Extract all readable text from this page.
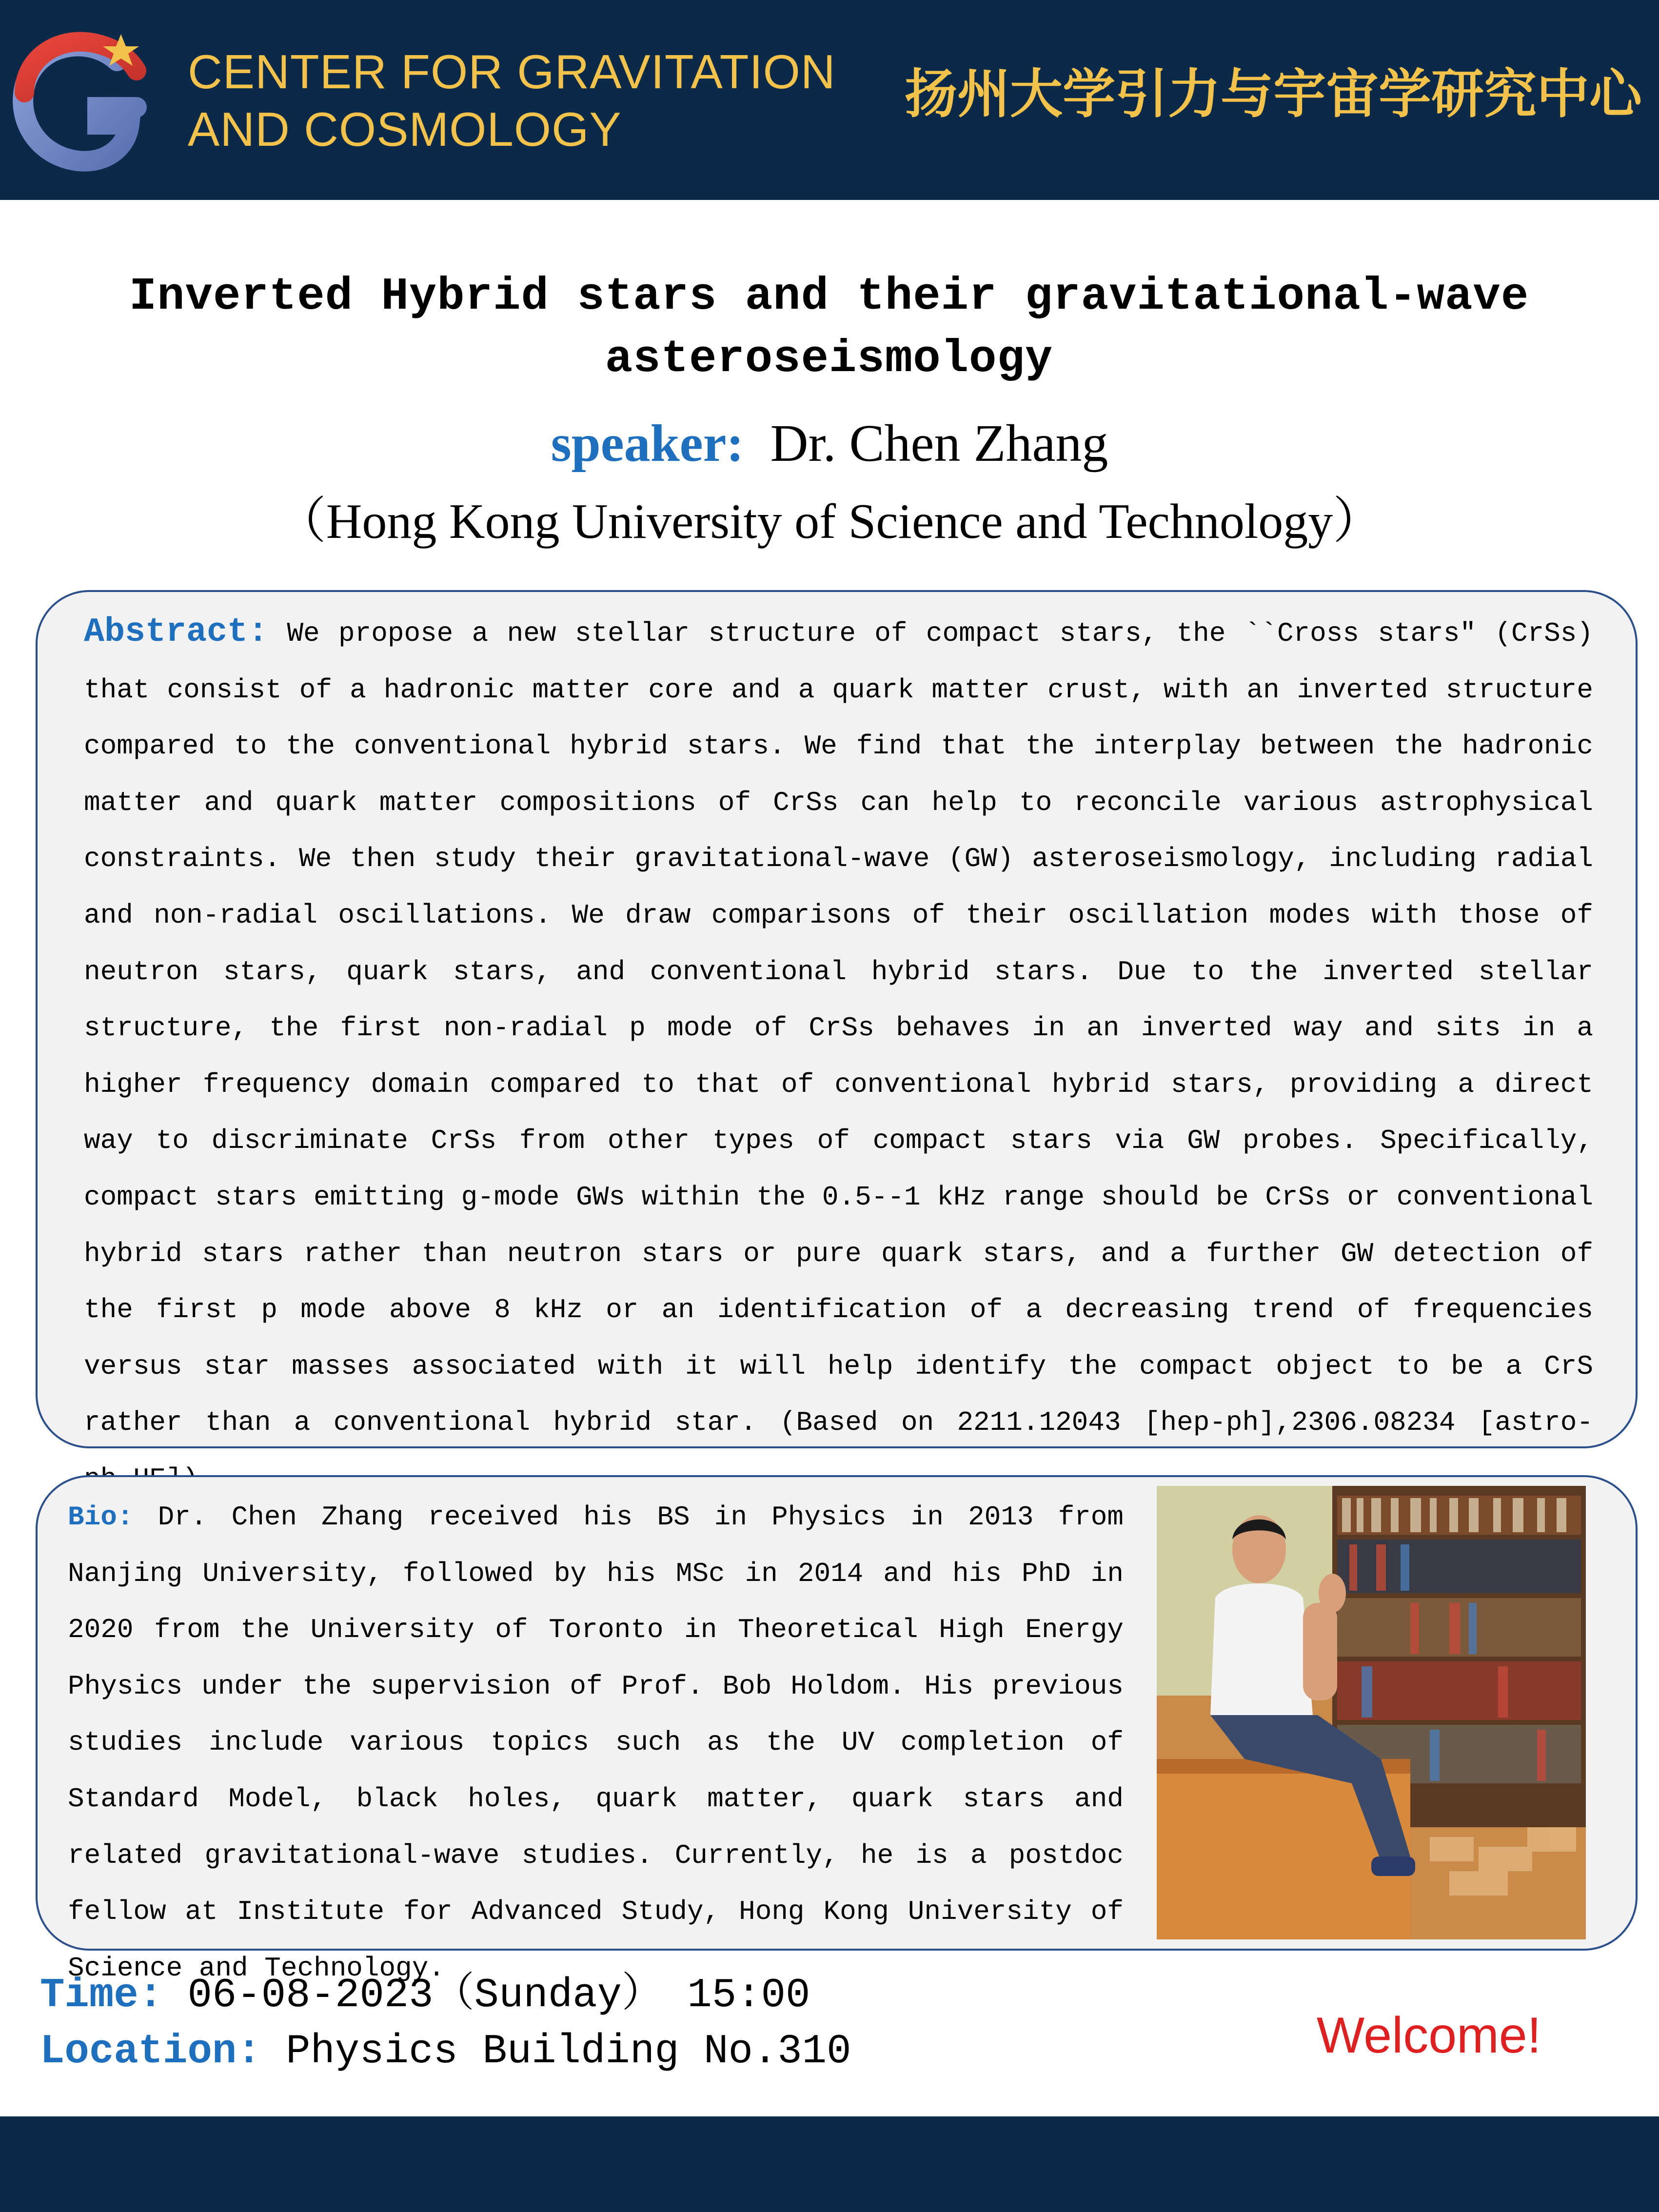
CENTER FOR GRAVITATION
AND COSMOLOGY
扬州大学引力与宇宙学研究中心
Inverted Hybrid stars and their gravitational-wave
asteroseismology
speaker: Dr. Chen Zhang
（Hong Kong University of Science and Technology）
Abstract: We propose a new stellar structure of compact stars, the ``Cross stars" (CrSs) that consist of a hadronic matter core and a quark matter crust, with an inverted structure compared to the conventional hybrid stars. We find that the interplay between the hadronic matter and quark matter compositions of CrSs can help to reconcile various astrophysical constraints. We then study their gravitational-wave (GW) asteroseismology, including radial and non-radial oscillations. We draw comparisons of their oscillation modes with those of neutron stars, quark stars, and conventional hybrid stars. Due to the inverted stellar structure, the first non-radial p mode of CrSs behaves in an inverted way and sits in a higher frequency domain compared to that of conventional hybrid stars, providing a direct way to discriminate CrSs from other types of compact stars via GW probes. Specifically, compact stars emitting g-mode GWs within the 0.5--1 kHz range should be CrSs or conventional hybrid stars rather than neutron stars or pure quark stars, and a further GW detection of the first p mode above 8 kHz or an identification of a decreasing trend of frequencies versus star masses associated with it will help identify the compact object to be a CrS rather than a conventional hybrid star. (Based on 2211.12043 [hep-ph],2306.08234 [astro-
Bio: Dr. Chen Zhang received his BS in Physics in 2013 from Nanjing University, followed by his MSc in 2014 and his PhD in 2020 from the University of Toronto in Theoretical High Energy Physics under the supervision of Prof. Bob Holdom. His previous studies include various topics such as the UV completion of Standard Model, black holes, quark matter, quark stars and related gravitational-wave studies. Currently, he is a postdoc fellow at Institute for Advanced Study, Hong Kong University of Science and Technology.
Time: 06-08-2023（Sunday） 15:00
Location: Physics Building No.310	Welcome!
